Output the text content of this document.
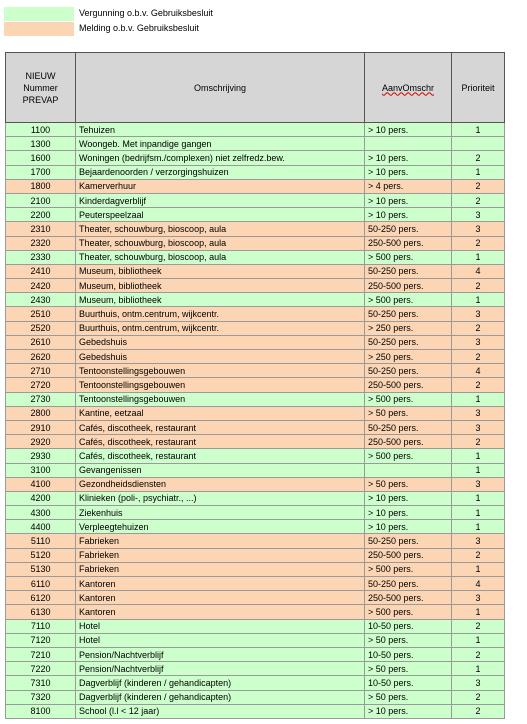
Vergunning o.b.v. Gebruiksbesluit
Melding o.b.v. Gebruiksbesluit
NIEUW Nummer PREVAP	Omschrijving	AanvOmschr	Prioriteit
1100	Tehuizen	> 10 pers.	1
1300	Woongeb. Met inpandige gangen		
1600	Woningen (bedrijfsm./complexen) niet zelfredz.bew.	> 10 pers.	2
1700	Bejaardenoorden / verzorgingshuizen	> 10 pers.	1
1800	Kamerverhuur	> 4 pers.	2
2100	Kinderdagverblijf	> 10 pers.	2
2200	Peuterspeelzaal	> 10 pers.	3
2310	Theater, schouwburg, bioscoop, aula	50-250 pers.	3
2320	Theater, schouwburg, bioscoop, aula	250-500 pers.	2
2330	Theater, schouwburg, bioscoop, aula	> 500 pers.	1
2410	Museum, bibliotheek	50-250 pers.	4
2420	Museum, bibliotheek	250-500 pers.	2
2430	Museum, bibliotheek	> 500 pers.	1
2510	Buurthuis, ontm.centrum, wijkcentr.	50-250 pers.	3
2520	Buurthuis, ontm.centrum, wijkcentr.	> 250 pers.	2
2610	Gebedshuis	50-250 pers.	3
2620	Gebedshuis	> 250 pers.	2
2710	Tentoonstellingsgebouwen	50-250 pers.	4
2720	Tentoonstellingsgebouwen	250-500 pers.	2
2730	Tentoonstellingsgebouwen	> 500 pers.	1
2800	Kantine, eetzaal	> 50 pers.	3
2910	Cafés, discotheek, restaurant	50-250 pers.	3
2920	Cafés, discotheek, restaurant	250-500 pers.	2
2930	Cafés, discotheek, restaurant	> 500 pers.	1
3100	Gevangenissen		1
4100	Gezondheidsdiensten	> 50 pers.	3
4200	Klinieken (poli-, psychiatr., ...)	> 10 pers.	1
4300	Ziekenhuis	> 10 pers.	1
4400	Verpleegtehuizen	> 10 pers.	1
5110	Fabrieken	50-250 pers.	3
5120	Fabrieken	250-500 pers.	2
5130	Fabrieken	> 500 pers.	1
6110	Kantoren	50-250 pers.	4
6120	Kantoren	250-500 pers.	3
6130	Kantoren	> 500 pers.	1
7110	Hotel	10-50 pers.	2
7120	Hotel	> 50 pers.	1
7210	Pension/Nachtverblijf	10-50 pers.	2
7220	Pension/Nachtverblijf	> 50 pers.	1
7310	Dagverblijf (kinderen / gehandicapten)	10-50 pers.	3
7320	Dagverblijf (kinderen / gehandicapten)	> 50 pers.	2
8100	School (l.l < 12 jaar)	> 10 pers.	2
